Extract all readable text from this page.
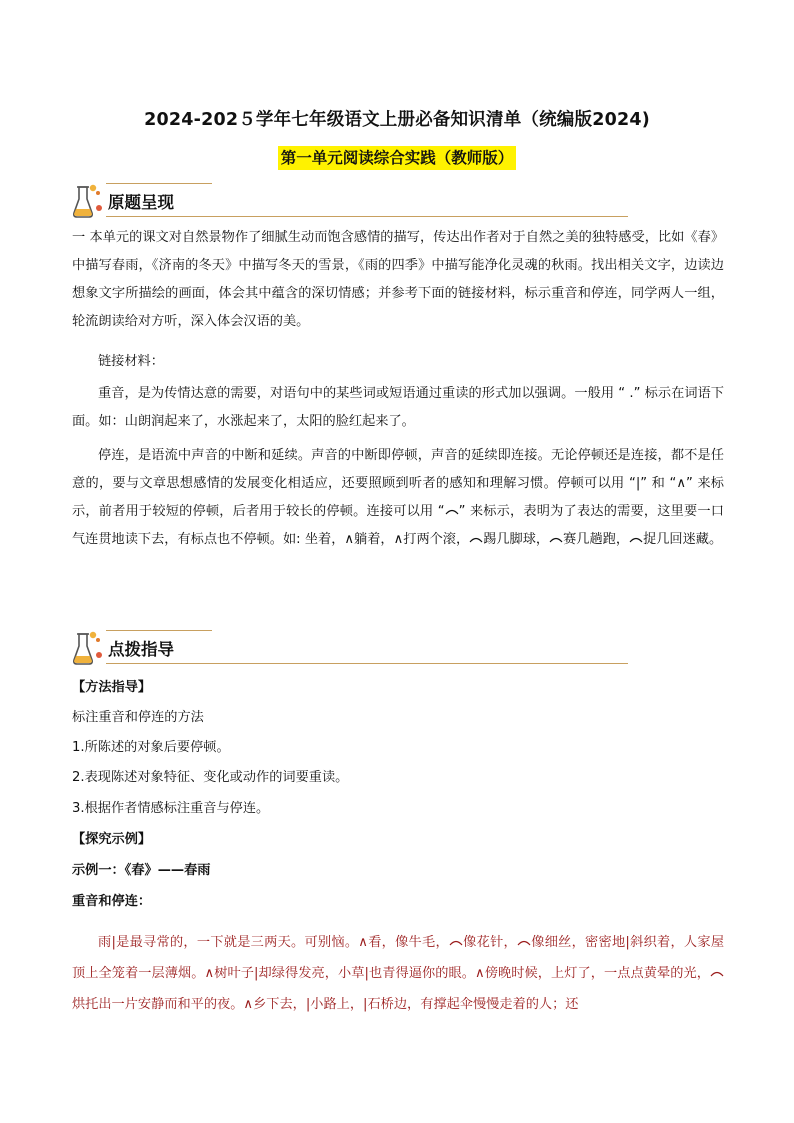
2024-202５学年七年级语文上册必备知识清单（统编版2024)
第一单元阅读综合实践（教师版）
原题呈现

一 本单元的课文对自然景物作了细腻生动而饱含感情的描写，传达出作者对于自然之美的独特感受，比如《春》中描写春雨，《济南的冬天》中描写冬天的雪景，《雨的四季》中描写能净化灵魂的秋雨。找出相关文字，边读边想象文字所描绘的画面，体会其中蕴含的深切情感；并参考下面的链接材料，标示重音和停连，同学两人一组，轮流朗读给对方听，深入体会汉语的美。

链接材料：

重音，是为传情达意的需要，对语句中的某些词或短语通过重读的形式加以强调。一般用 “ .” 标示在词语下面。如：山朗润起来了，水涨起来了，太阳的脸红起来了。

停连，是语流中声音的中断和延续。声音的中断即停顿，声音的延续即连接。无论停顿还是连接，都不是任意的，要与文章思想感情的发展变化相适应，还要照顾到听者的感知和理解习惯。停顿可以用 “|” 和 “∧” 来标示，前者用于较短的停顿，后者用于较长的停顿。连接可以用 “ ” 来标示，表明为了表达的需要，这里要一口气连贯地读下去，有标点也不停顿。如: 坐着，∧躺着，∧打两个滚， 踢几脚球， 赛几趟跑， 捉几回迷藏。

点拨指导
【方法指导】
标注重音和停连的方法
1.所陈述的对象后要停顿。
2.表现陈述对象特征、变化或动作的词要重读。
3.根据作者情感标注重音与停连。
【探究示例】
示例一：《春》——春雨
重音和停连：

雨|是最寻常的，一下就是三两天。可别恼。∧看，像牛毛， 像花针， 像细丝，密密地|斜织着，人家屋顶上全笼着一层薄烟。∧树叶子|却绿得发亮，小草|也青得逼你的眼。∧傍晚时候，上灯了，一点点黄晕的光，烘托出一片安静而和平的夜。∧乡下去，|小路上，|石桥边，有撑起伞慢慢走着的人；还
